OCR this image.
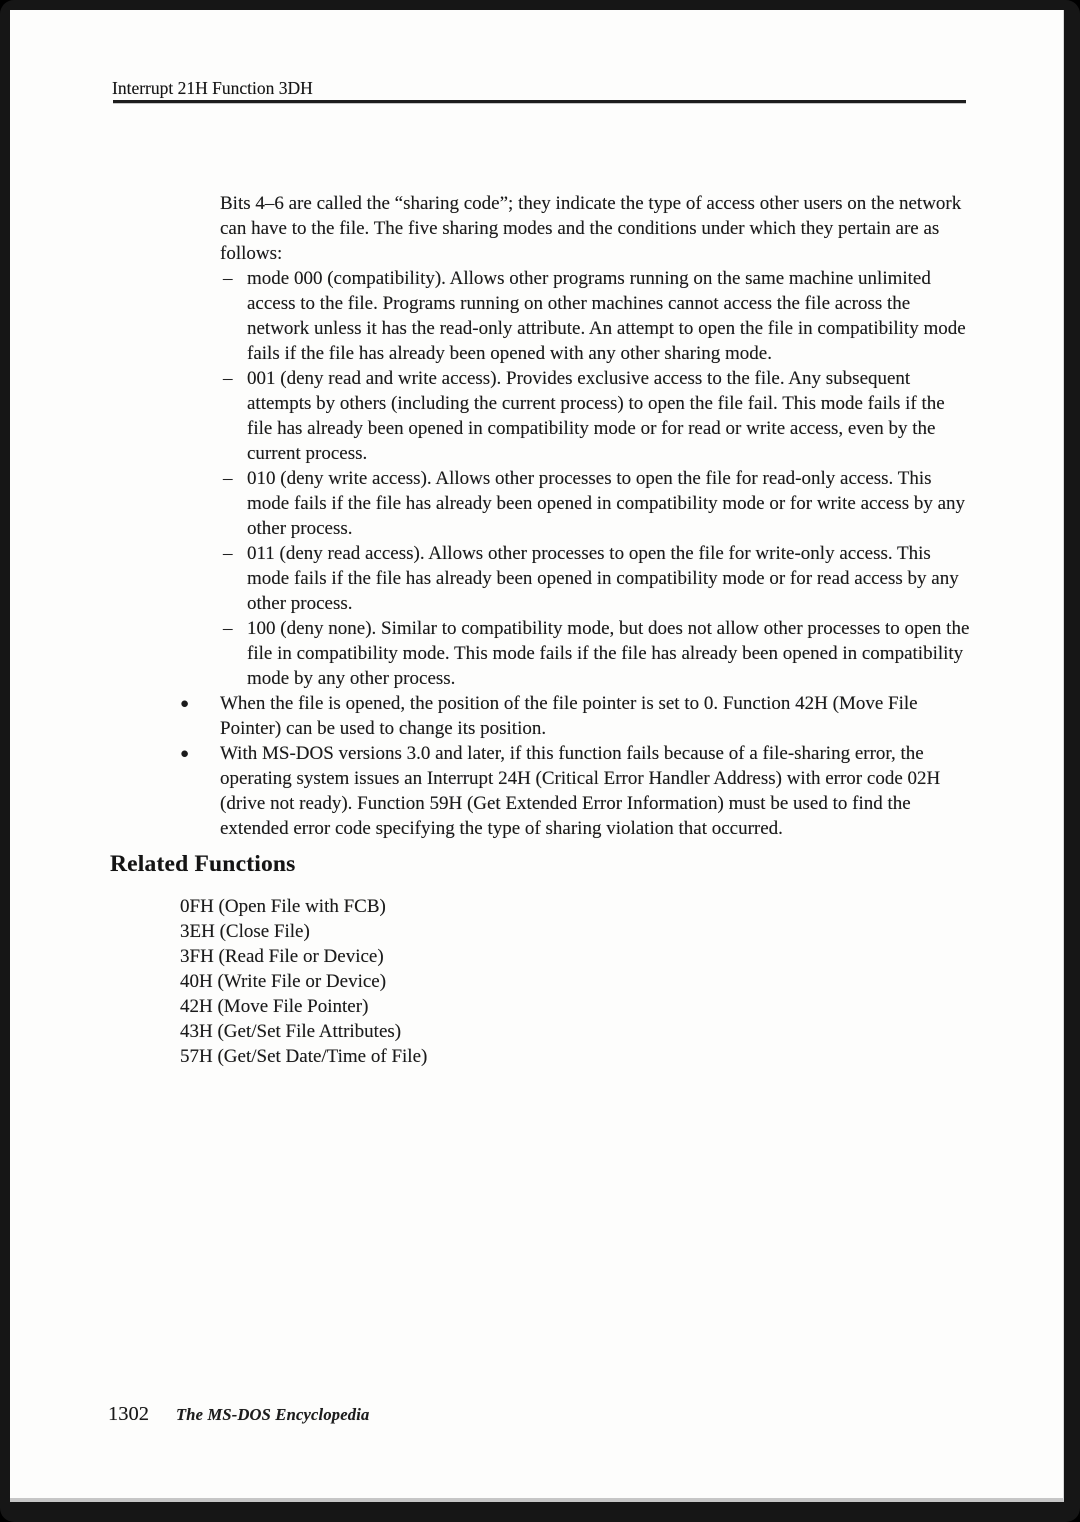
Interrupt 21H Function 3DH

Bits 4–6 are called the “sharing code”; they indicate the type of access other users on the network can have to the file. The five sharing modes and the conditions under which they pertain are as follows:

– mode 000 (compatibility). Allows other programs running on the same machine unlimited access to the file. Programs running on other machines cannot access the file across the network unless it has the read-only attribute. An attempt to open the file in compatibility mode fails if the file has already been opened with any other sharing mode.
– 001 (deny read and write access). Provides exclusive access to the file. Any subsequent attempts by others (including the current process) to open the file fail. This mode fails if the file has already been opened in compatibility mode or for read or write access, even by the current process.
– 010 (deny write access). Allows other processes to open the file for read-only access. This mode fails if the file has already been opened in compatibility mode or for write access by any other process.
– 011 (deny read access). Allows other processes to open the file for write-only access. This mode fails if the file has already been opened in compatibility mode or for read access by any other process.
– 100 (deny none). Similar to compatibility mode, but does not allow other processes to open the file in compatibility mode. This mode fails if the file has already been opened in compatibility mode by any other process.
●	When the file is opened, the position of the file pointer is set to 0. Function 42H (Move File Pointer) can be used to change its position.
●	With MS-DOS versions 3.0 and later, if this function fails because of a file-sharing error, the operating system issues an Interrupt 24H (Critical Error Handler Address) with error code 02H (drive not ready). Function 59H (Get Extended Error Information) must be used to find the extended error code specifying the type of sharing violation that occurred.
Related Functions
0FH (Open File with FCB)
3EH (Close File)
3FH (Read File or Device)
40H (Write File or Device)
42H (Move File Pointer)
43H (Get/Set File Attributes)
57H (Get/Set Date/Time of File)
1302 The MS-DOS Encyclopedia
